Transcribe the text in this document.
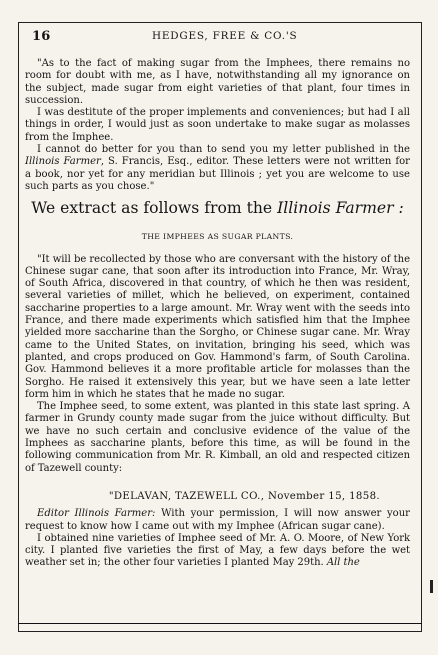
16	HEDGES, FREE & CO.'S

"As to the fact of making sugar from the Imphees, there remains no room for doubt with me, as I have, notwithstanding all my ignorance on the subject, made sugar from eight varieties of that plant, four times in succession.

I was destitute of the proper implements and conveniences; but had I all things in order, I would just as soon undertake to make sugar as molasses from the Imphee.

I cannot do better for you than to send you my letter published in the Illinois Farmer, S. Francis, Esq., editor. These letters were not written for a book, nor yet for any meridian but Illinois ; yet you are welcome to use such parts as you chose."

We extract as follows from the Illinois Farmer :

THE IMPHEES AS SUGAR PLANTS.

"It will be recollected by those who are conversant with the history of the Chinese sugar cane, that soon after its introduction into France, Mr. Wray, of South Africa, discovered in that country, of which he then was resident, several varieties of millet, which he believed, on experiment, contained saccharine properties to a large amount. Mr. Wray went with the seeds into France, and there made experiments which satisfied him that the Imphee yielded more saccharine than the Sorgho, or Chinese sugar cane. Mr. Wray came to the United States, on invitation, bringing his seed, which was planted, and crops produced on Gov. Hammond's farm, of South Carolina. Gov. Hammond believes it a more profitable article for molasses than the Sorgho. He raised it extensively this year, but we have seen a late letter form him in which he states that he made no sugar.

The Imphee seed, to some extent, was planted in this state last spring. A farmer in Grundy county made sugar from the juice without difficulty. But we have no such certain and conclusive evidence of the value of the Imphees as saccharine plants, before this time, as will be found in the following communication from Mr. R. Kimball, an old and respected citizen of Tazewell county:

"DELAVAN, TAZEWELL CO., November 15, 1858.

Editor Illinois Farmer: With your permission, I will now answer your request to know how I came out with my Imphee (African sugar cane).

I obtained nine varieties of Imphee seed of Mr. A. O. Moore, of New York city. I planted five varieties the first of May, a few days before the wet weather set in; the other four varieties I planted May 29th. All the
